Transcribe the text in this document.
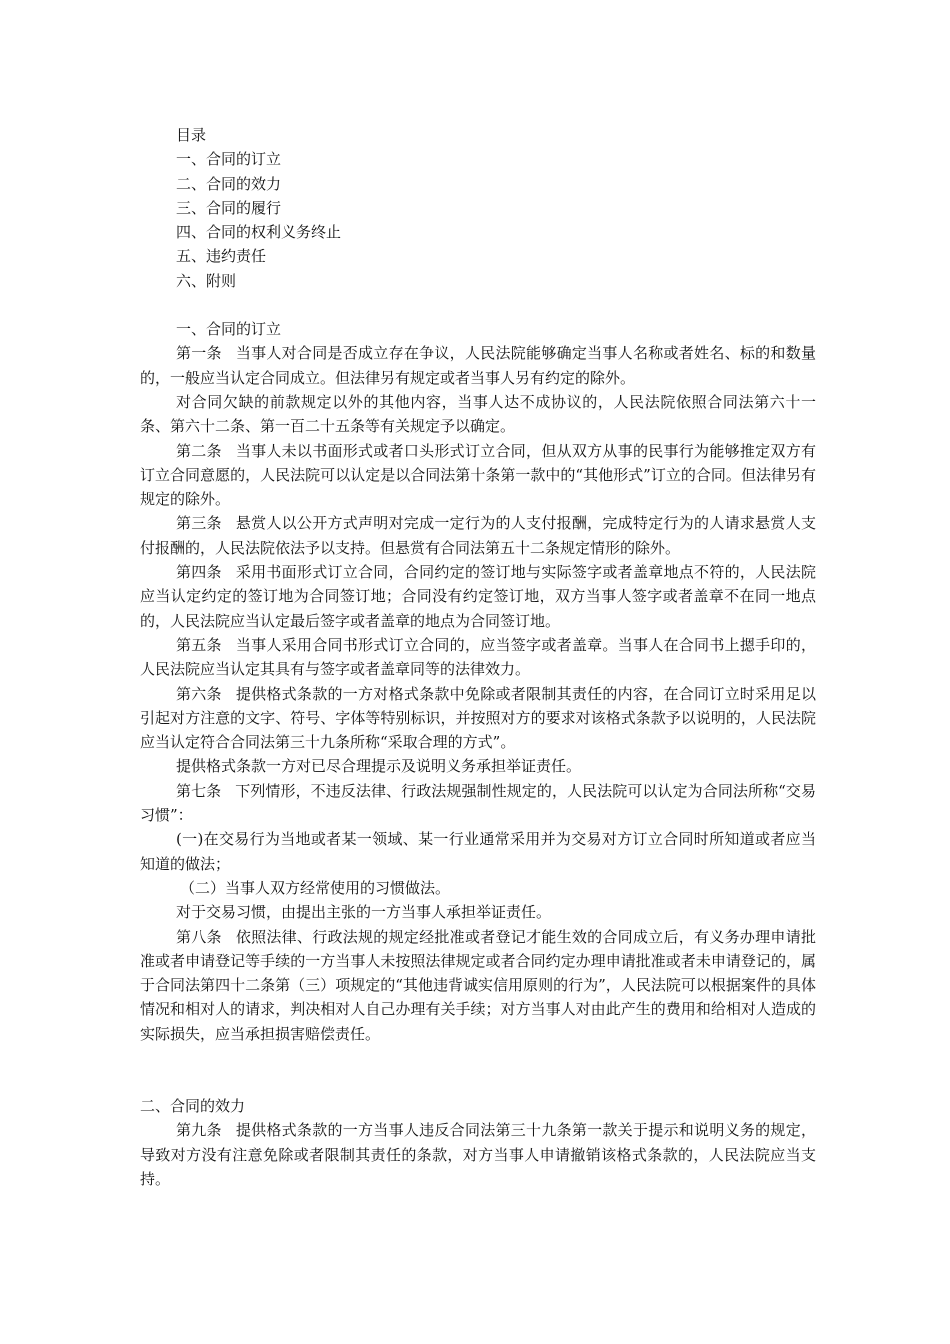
目录
一、合同的订立
二、合同的效力
三、合同的履行
四、合同的权利义务终止
五、违约责任
六、附则

一、合同的订立

第一条 当事人对合同是否成立存在争议，人民法院能够确定当事人名称或者姓名、标的和数量的，一般应当认定合同成立。但法律另有规定或者当事人另有约定的除外。

对合同欠缺的前款规定以外的其他内容，当事人达不成协议的，人民法院依照合同法第六十一条、第六十二条、第一百二十五条等有关规定予以确定。

第二条 当事人未以书面形式或者口头形式订立合同，但从双方从事的民事行为能够推定双方有订立合同意愿的，人民法院可以认定是以合同法第十条第一款中的“其他形式”订立的合同。但法律另有规定的除外。

第三条 悬赏人以公开方式声明对完成一定行为的人支付报酬，完成特定行为的人请求悬赏人支付报酬的，人民法院依法予以支持。但悬赏有合同法第五十二条规定情形的除外。

第四条 采用书面形式订立合同，合同约定的签订地与实际签字或者盖章地点不符的，人民法院应当认定约定的签订地为合同签订地；合同没有约定签订地，双方当事人签字或者盖章不在同一地点的，人民法院应当认定最后签字或者盖章的地点为合同签订地。

第五条 当事人采用合同书形式订立合同的，应当签字或者盖章。当事人在合同书上摁手印的，人民法院应当认定其具有与签字或者盖章同等的法律效力。

第六条 提供格式条款的一方对格式条款中免除或者限制其责任的内容，在合同订立时采用足以引起对方注意的文字、符号、字体等特别标识，并按照对方的要求对该格式条款予以说明的，人民法院应当认定符合合同法第三十九条所称“采取合理的方式”。

提供格式条款一方对已尽合理提示及说明义务承担举证责任。

第七条 下列情形，不违反法律、行政法规强制性规定的，人民法院可以认定为合同法所称“交易习惯”：

(一)在交易行为当地或者某一领域、某一行业通常采用并为交易对方订立合同时所知道或者应当知道的做法；

（二）当事人双方经常使用的习惯做法。

对于交易习惯，由提出主张的一方当事人承担举证责任。

第八条 依照法律、行政法规的规定经批准或者登记才能生效的合同成立后，有义务办理申请批准或者申请登记等手续的一方当事人未按照法律规定或者合同约定办理申请批准或者未申请登记的，属于合同法第四十二条第（三）项规定的“其他违背诚实信用原则的行为”，人民法院可以根据案件的具体情况和相对人的请求，判决相对人自己办理有关手续；对方当事人对由此产生的费用和给相对人造成的实际损失，应当承担损害赔偿责任。

二、合同的效力

第九条 提供格式条款的一方当事人违反合同法第三十九条第一款关于提示和说明义务的规定，导致对方没有注意免除或者限制其责任的条款，对方当事人申请撤销该格式条款的，人民法院应当支持。
